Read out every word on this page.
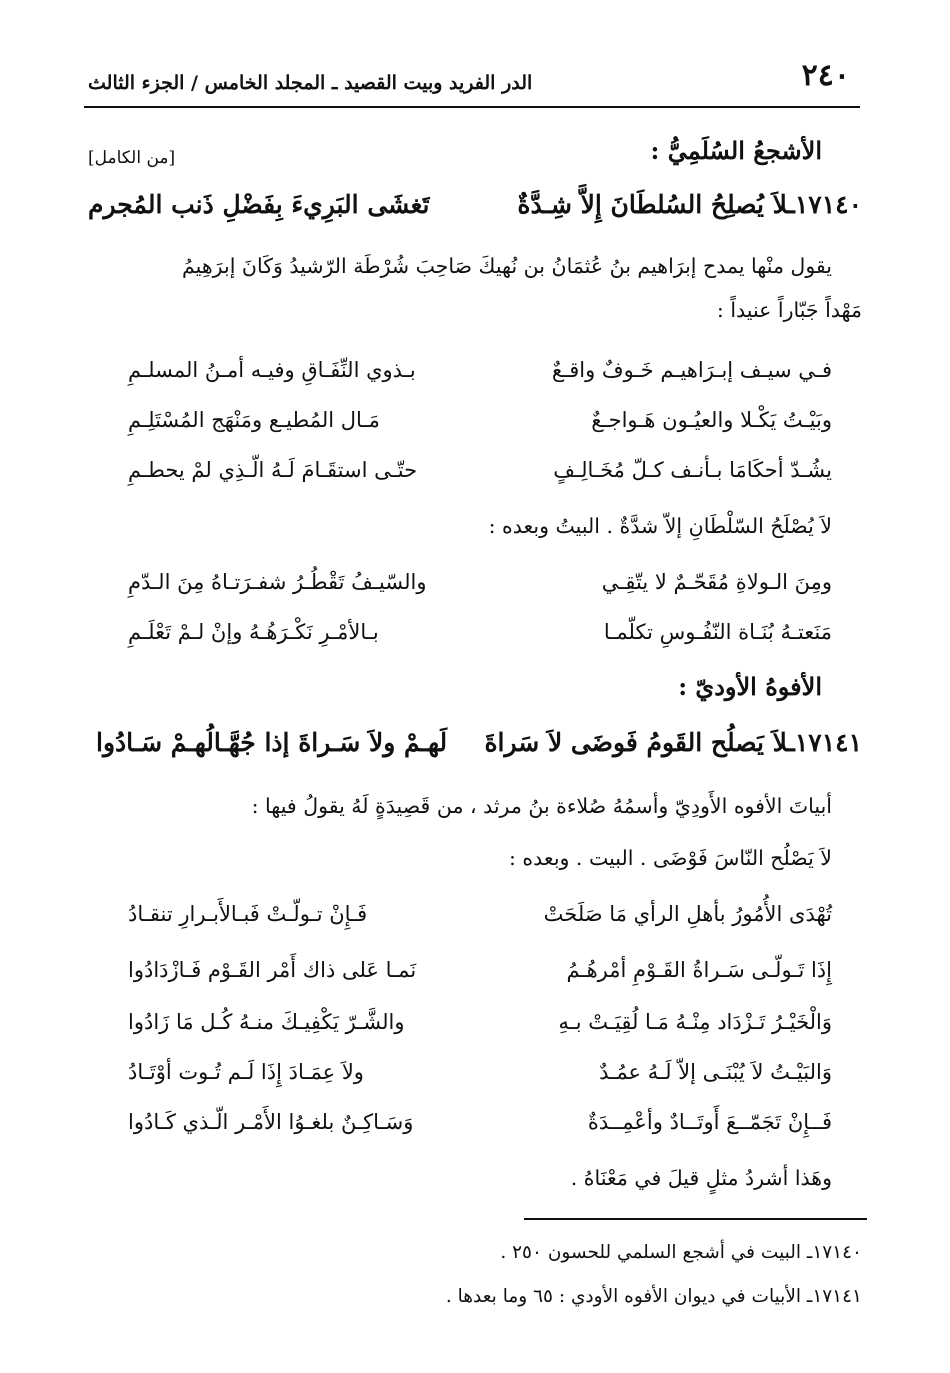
٢٤٠
الدر الفريد وبيت القصيد ـ المجلد الخامس / الجزء الثالث
الأشجعُ السُلَمِيُّ :
[من الكامل]
١٧١٤٠ـلاَ يُصلِحُ السُلطَانَ إِلاَّ شِـدَّةٌ
تَغشَى البَرِيءَ بِفَضْلِ ذَنب المُجرم
يقول منْها يمدح إبرَاهيم بنُ عُثمَانُ بن نُهيكَ صَاحِبَ شُرْطَة الرّشيدُ وَكَانَ إبرَهِيمُ
مَهْداً جَبّاراً عنيداً :
فـي سيـف إبـرَاهيـم خَـوفٌ واقـعٌ
بـذوي النِّفَـاقِ وفيـه أمـنُ المسلـمِ
وبَيْـتُ يَكْـلا والعيُـون هَـواجـعٌ
مَـال المُطيـع ومَنْهَج المُسْتَلِـمِ
يشُـدّ أحكَامَا بـأنـف كـلّ مُخَـالِـفٍ
حتّـى استقَـامَ لَـهُ الّـذِي لمْ يحطـمِ
لاَ يُصْلَحُ السّلْطَانِ إلاّ شدَّةٌ . البيتُ وبعده :
ومِنَ الـولاةِ مُقَحّـمٌ لا يتّقِـي
والسّيـفُ تَقْطُـرُ شفـرَتـاهُ مِنَ الـدّمِ
مَنَعتـهُ بُنَـاة النّفُـوسِ تكلّمـا
بـالأمْـرِ نَكْـرَهُـهُ وإنْ لـمْ تَعْلَـمِ
الأفوهُ الأوديّ :
١٧١٤١ـلاَ يَصلُح القَومُ فَوضَى لاَ سَراةَ
لَهـمْ ولاَ سَـراةَ إذا جُهَّـالُهـمْ سَـادُوا
أبياتَ الأفوه الأَودِيّ وأسمُهُ صُلاءة بنُ مرثد ، من قَصِيدَةٍ لَهُ يقولُ فيها :
لاَ يَصْلُح النّاسَ فَوْضَى . البيت . وبعده :
تُهْدَى الأُمُورُ بأهلِ الرأي مَا صَلَحَتْ
فَـإِنْ تـولّـتْ فَبـالأَبـرارِ تنقـادُ
إِذَا تَـولّـى سَـراةُ القَـوْمِ أمْرهُـمُ
نَمـا عَلى ذاك أَمْر القَـوْم فَـازْدَادُوا
وَالْخَيْـرُ تَـزْدَاد مِنْـهُ مَـا لُقِيَـتْ بـهِ
والشَّـرّ يَكْفِيـكَ منـهُ كُـل مَا زَادُوا
وَالبَيْـتُ لاَ يُبْنَـى إلاّ لَـهُ عمُـدٌ
ولاَ عِمَـادَ إِذَا لَـم تُـوت أوْتَـادُ
فَــإِنْ تَجَمّــعَ أَوتَــادٌ وأعْمِــدَةٌ
وَسَـاكِـنٌ بلغـوُا الأَمْـر الّـذي كَـادُوا
وهَذا أشردُ مثلٍ قيلَ في مَعْنَاهُ .
١٧١٤٠ـ البيت في أشجع السلمي للحسون ٢٥٠ .
١٧١٤١ـ الأبيات في ديوان الأفوه الأودي : ٦٥ وما بعدها .
